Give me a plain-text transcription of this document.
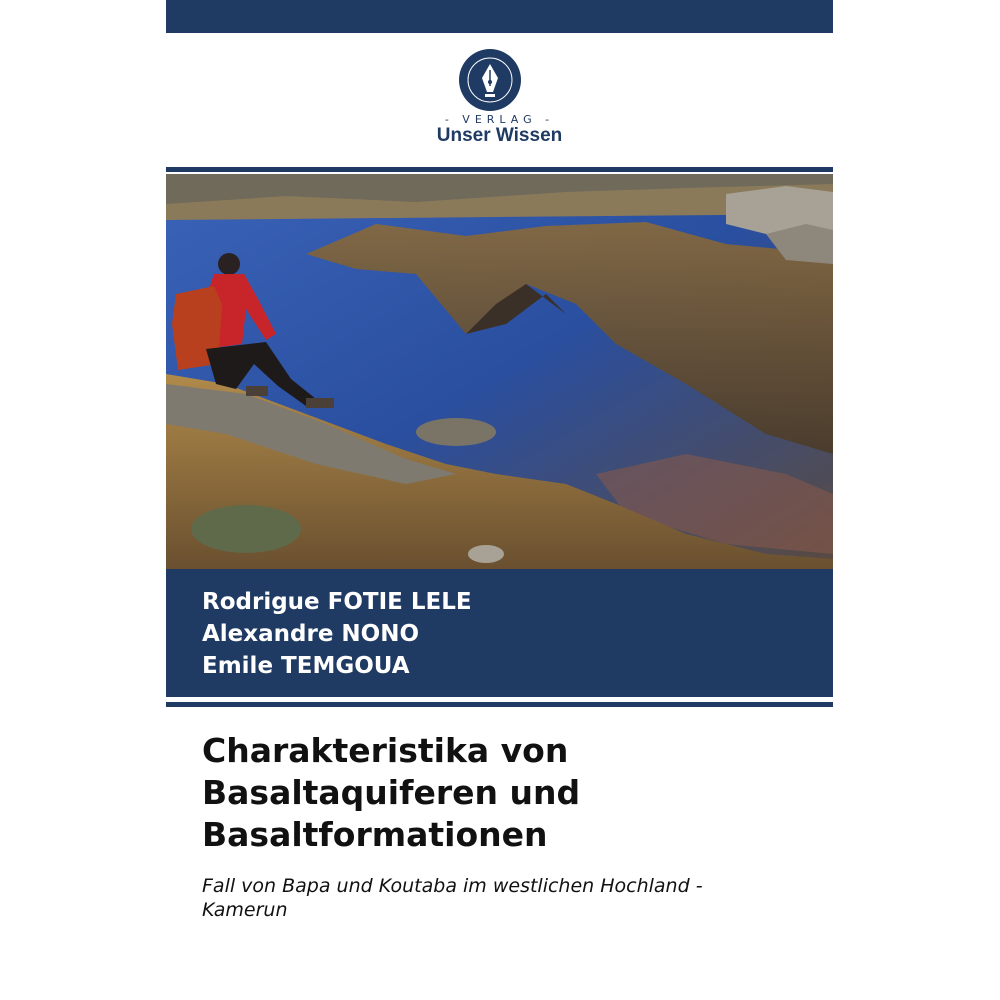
- VERLAG -
Unser Wissen
Rodrigue FOTIE LELE
Alexandre NONO
Emile TEMGOUA
Charakteristika von
Basaltaquiferen und
Basaltformationen
Fall von Bapa und Koutaba im westlichen Hochland -
Kamerun
